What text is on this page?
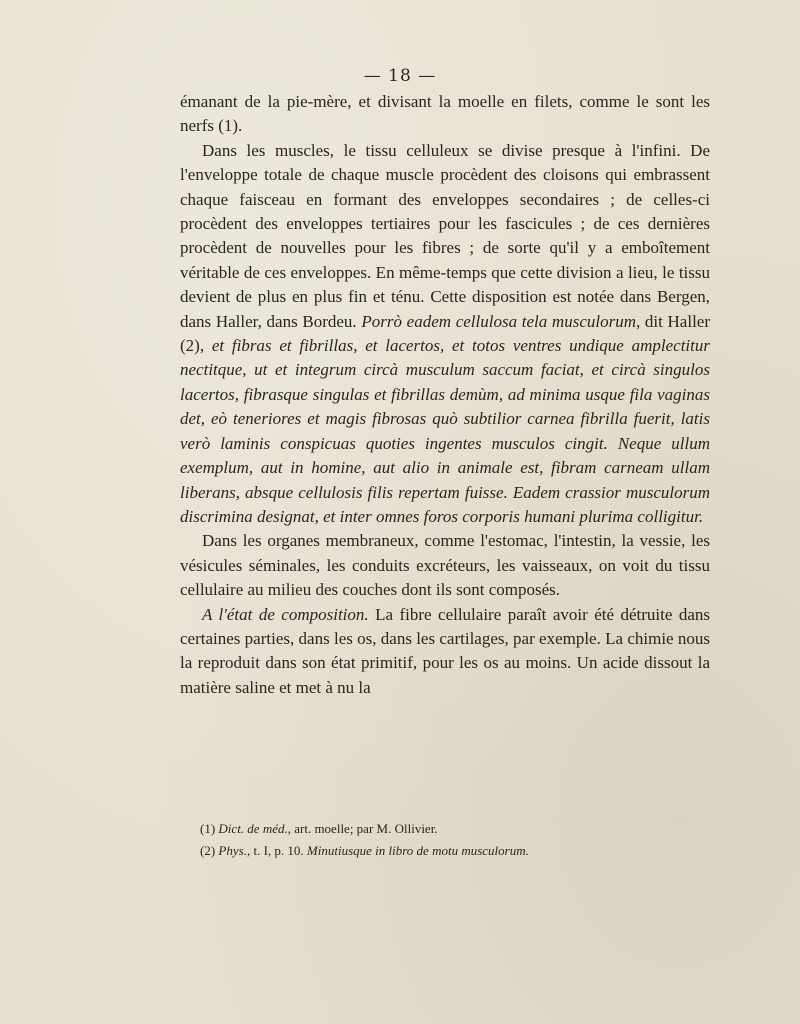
— 18 —

émanant de la pie-mère, et divisant la moelle en filets, comme le sont les nerfs (1).

Dans les muscles, le tissu celluleux se divise presque à l'infini. De l'enveloppe totale de chaque muscle procèdent des cloisons qui embrassent chaque faisceau en formant des enveloppes secondaires ; de celles-ci procèdent des enveloppes tertiaires pour les fascicules ; de ces dernières procèdent de nouvelles pour les fibres ; de sorte qu'il y a emboîtement véritable de ces enveloppes. En même-temps que cette division a lieu, le tissu devient de plus en plus fin et ténu. Cette disposition est notée dans Bergen, dans Haller, dans Bordeu. Porrò eadem cellulosa tela musculorum, dit Haller (2), et fibras et fibrillas, et lacertos, et totos ventres undique amplectitur nectitque, ut et integrum circà musculum saccum faciat, et circà singulos lacertos, fibrasque singulas et fibrillas demùm, ad minima usque fila vaginas det, eò teneriores et magis fibrosas quò subtilior carnea fibrilla fuerit, latis verò laminis conspicuas quoties ingentes musculos cingit. Neque ullum exemplum, aut in homine, aut alio in animale est, fibram carneam ullam liberans, absque cellulosis filis repertam fuisse. Eadem crassior musculorum discrimina designat, et inter omnes foros corporis humani plurima colligitur.

Dans les organes membraneux, comme l'estomac, l'intestin, la vessie, les vésicules séminales, les conduits excréteurs, les vaisseaux, on voit du tissu cellulaire au milieu des couches dont ils sont composés.

A l'état de composition. La fibre cellulaire paraît avoir été détruite dans certaines parties, dans les os, dans les cartilages, par exemple. La chimie nous la reproduit dans son état primitif, pour les os au moins. Un acide dissout la matière saline et met à nu la

(1) Dict. de méd., art. moelle; par M. Ollivier.
(2) Phys., t. I, p. 10. Minutiusque in libro de motu musculorum.
